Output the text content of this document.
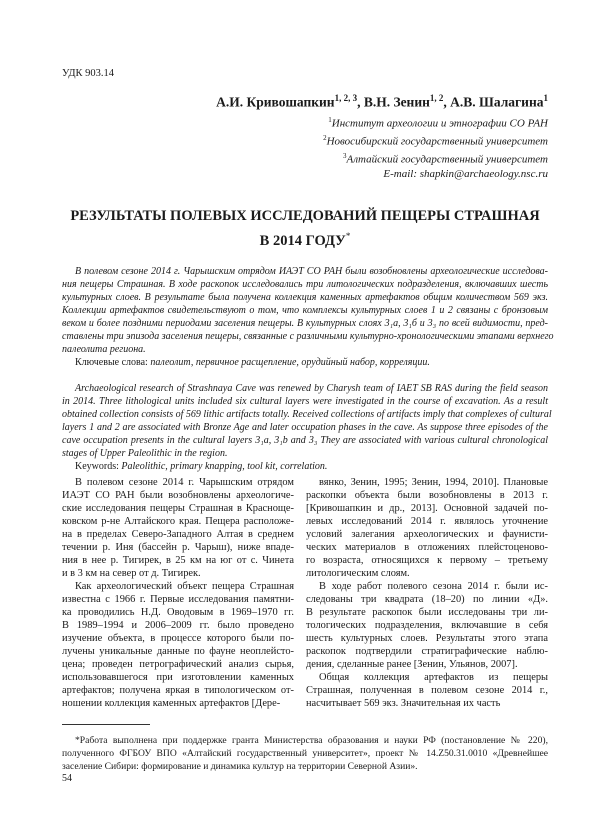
УДК 903.14
А.И. Кривошапкин$^{1, 2, 3}$, В.Н. Зенин$^{1, 2}$, А.В. Шалагина$^1$
$^1$Институт археологии и этнографии СО РАН
$^2$Новосибирский государственный университет
$^3$Алтайский государственный университет
E-mail: shapkin@archaeology.nsc.ru
РЕЗУЛЬТАТЫ ПОЛЕВЫХ ИССЛЕДОВАНИЙ ПЕЩЕРЫ СТРАШНАЯ
В 2014 ГОДУ*
В полевом сезоне 2014 г. Чарышским отрядом ИАЭТ СО РАН были возобновлены археологические исследова-
ния пещеры Страшная. В ходе раскопок исследовались три литологических подразделения, включавших шесть
культурных слоев. В результате была получена коллекция каменных артефактов общим количеством 569 экз.
Коллекции артефактов свидетельствуют о том, что комплексы культурных слоев 1 и 2 связаны с бронзовым
веком и более поздними периодами заселения пещеры. В культурных слоях 3₁а, 3₁б и 3₃ по всей видимости, пред-
ставлены три эпизода заселения пещеры, связанные с различными культурно-хронологическими этапами верхнего
палеолита региона.
Ключевые слова: палеолит, первичное расщепление, орудийный набор, корреляции.
Archaeological research of Strashnaya Cave was renewed by Charysh team of IAET SB RAS during the field season
in 2014. Three lithological units included six cultural layers were investigated in the course of excavation. As a result
obtained collection consists of 569 lithic artifacts totally. Received collections of artifacts imply that complexes of cultural
layers 1 and 2 are associated with Bronze Age and later occupation phases in the cave. As suppose three episodes of the
cave occupation presents in the cultural layers 3₁a, 3₁b and 3₃ They are associated with various cultural chronological
stages of Upper Paleolithic in the region.
Keywords: Paleolithic, primary knapping, tool kit, correlation.
В полевом сезоне 2014 г. Чарышским отрядом
ИАЭТ СО РАН были возобновлены археологиче-
ские исследования пещеры Страшная в Красноще-
ковском р-не Алтайского края. Пещера расположе-
на в пределах Северо-Западного Алтая в среднем
течении р. Иня (бассейн р. Чарыш), ниже впаде-
ния в нее р. Тигирек, в 25 км на юг от с. Чинета
и в 3 км на север от д. Тигирек.
Как археологический объект пещера Страшная
известна с 1966 г. Первые исследования памятни-
ка проводились Н.Д. Оводовым в 1969–1970 гг.
В 1989–1994 и 2006–2009 гг. было проведено
изучение объекта, в процессе которого были по-
лучены уникальные данные по фауне неоплейсто-
цена; проведен петрографический анализ сырья,
использовавшегося при изготовлении каменных
артефактов; получена яркая в типологическом от-
ношении коллекция каменных артефактов [Дере-
вянко, Зенин, 1995; Зенин, 1994, 2010]. Плановые
раскопки объекта были возобновлены в 2013 г.
[Кривошапкин и др., 2013]. Основной задачей по-
левых исследований 2014 г. являлось уточнение
условий залегания археологических и фаунисти-
ческих материалов в отложениях плейстоценово-
го возраста, относящихся к первому – третьему
литологическим слоям.
В ходе работ полевого сезона 2014 г. были ис-
следованы три квадрата (18–20) по линии «Д».
В результате раскопок были исследованы три ли-
тологических подразделения, включавшие в себя
шесть культурных слоев. Результаты этого этапа
раскопок подтвердили стратиграфические наблю-
дения, сделанные ранее [Зенин, Ульянов, 2007].
Общая коллекция артефактов из пещеры
Страшная, полученная в полевом сезоне 2014 г.,
насчитывает 569 экз. Значительная их часть
*Работа выполнена при поддержке гранта Министерства образования и науки РФ (постановление № 220),
полученного ФГБОУ ВПО «Алтайский государственный университет», проект № 14.Z50.31.0010 «Древнейшее
заселение Сибири: формирование и динамика культур на территории Северной Азии».
54
